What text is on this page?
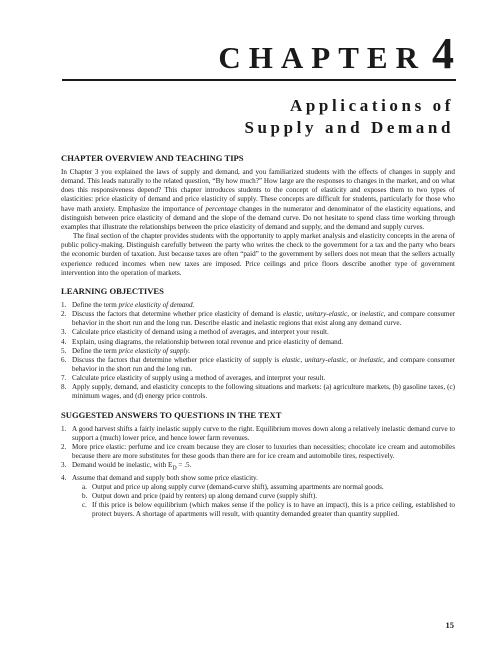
CHAPTER 4
Applications of
Supply and Demand
CHAPTER OVERVIEW AND TEACHING TIPS

In Chapter 3 you explained the laws of supply and demand, and you familiarized students with the effects of changes in supply and demand. This leads naturally to the related question, “By how much?” How large are the responses to changes in the market, and on what does this responsiveness depend? This chapter introduces students to the concept of elasticity and exposes them to two types of elasticities: price elasticity of demand and price elasticity of supply. These concepts are difficult for students, particularly for those who have math anxiety. Emphasize the importance of percentage changes in the numerator and denominator of the elasticity equations, and distinguish between price elasticity of demand and the slope of the demand curve. Do not hesitate to spend class time working through examples that illustrate the relationships between the price elasticity of demand and supply, and the demand and supply curves.

The final section of the chapter provides students with the opportunity to apply market analysis and elasticity concepts in the arena of public policy-making. Distinguish carefully between the party who writes the check to the government for a tax and the party who bears the economic burden of taxation. Just because taxes are often “paid” to the government by sellers does not mean that the sellers actually experience reduced incomes when new taxes are imposed. Price ceilings and price floors describe another type of government intervention into the operation of markets.

LEARNING OBJECTIVES
1. Define the term price elasticity of demand.
2. Discuss the factors that determine whether price elasticity of demand is elastic, unitary-elastic, or inelastic, and compare consumer behavior in the short run and the long run. Describe elastic and inelastic regions that exist along any demand curve.
3. Calculate price elasticity of demand using a method of averages, and interpret your result.
4. Explain, using diagrams, the relationship between total revenue and price elasticity of demand.
5. Define the term price elasticity of supply.
6. Discuss the factors that determine whether price elasticity of supply is elastic, unitary-elastic, or inelastic, and compare consumer behavior in the short run and the long run.
7. Calculate price elasticity of supply using a method of averages, and interpret your result.
8. Apply supply, demand, and elasticity concepts to the following situations and markets: (a) agriculture markets, (b) gasoline taxes, (c) minimum wages, and (d) energy price controls.
SUGGESTED ANSWERS TO QUESTIONS IN THE TEXT
1. A good harvest shifts a fairly inelastic supply curve to the right. Equilibrium moves down along a relatively inelastic demand curve to support a (much) lower price, and hence lower farm revenues.
2. More price elastic: perfume and ice cream because they are closer to luxuries than necessities; chocolate ice cream and automobiles because there are more substitutes for these goods than there are for ice cream and automobile tires, respectively.
3. Demand would be inelastic, with $E_D = .5$.
4. Assume that demand and supply both show some price elasticity.
a. Output and price up along supply curve (demand-curve shift), assuming apartments are normal goods.
b. Output down and price (paid by renters) up along demand curve (supply shift).
c. If this price is below equilibrium (which makes sense if the policy is to have an impact), this is a price ceiling, established to protect buyers. A shortage of apartments will result, with quantity demanded greater than quantity supplied.
15
